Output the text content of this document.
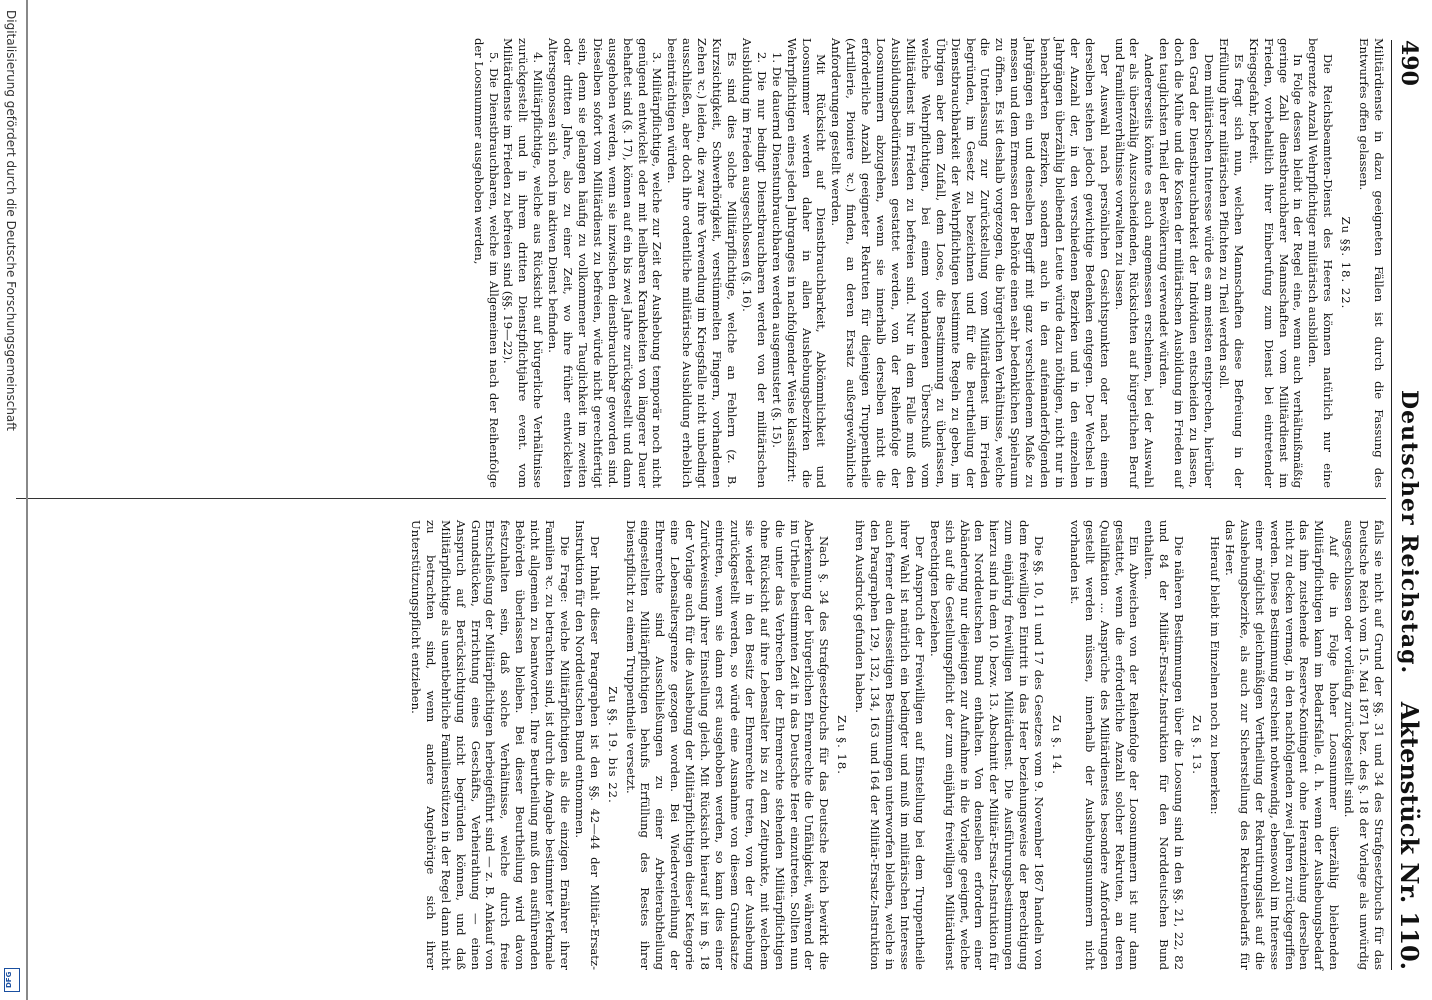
490
Deutscher Reichstag.
Aktenstück Nr. 110.

Militärdienste in dazu geeigneten Fällen ist durch die Fassung des Entwurfes offen gelassen.

Zu §§. 18. 22.

Die Reichsbeamten-Dienst des Heeres können natürlich nur eine begrenzte Anzahl Wehrpflichtiger militärisch ausbilden.

In Folge dessen bleibt in der Regel eine, wenn auch verhältnißmäßig geringe Zahl dienstbrauchbarer Mannschaften vom Militärdienst im Frieden, vorbehaltlich ihrer Einberufung zum Dienst bei eintretender Kriegsgefahr, befreit.

Es fragt sich nun, welchen Mannschaften diese Befreiung in der Erfüllung ihrer militärischen Pflichten zu Theil werden soll.

Dem militärischen Interesse würde es am meisten entsprechen, hierüber den Grad der Dienstbrauchbarkeit der Individuen entscheiden zu lassen, doch die Mühe und die Kosten der militärischen Ausbildung im Frieden auf den tauglichsten Theil der Bevölkerung verwendet würden.

Andererseits könnte es auch angemessen erscheinen, bei der Auswahl der als überzählig Auszuscheidenden, Rücksichten auf bürgerlichen Beruf und Familienverhältnisse vorwalten zu lassen.

Der Auswahl nach persönlichen Gesichtspunkten oder nach einem derselben stehen jedoch gewichtige Bedenken entgegen. Der Wechsel in der Anzahl der, in den verschiedenen Bezirken und in den einzelnen Jahrgängen überzählig bleibenden Leute würde dazu nöthigen, nicht nur in benachbarten Bezirken, sondern auch in den aufeinanderfolgenden Jahrgängen ein und denselben Begriff mit ganz verschiedenem Maße zu messen und dem Ermessen der Behörde einen sehr bedenklichen Spielraum zu öffnen. Es ist deshalb vorgezogen, die bürgerlichen Verhältnisse, welche die Unterlassung zur Zurückstellung vom Militärdienst im Frieden begründen, im Gesetz zu bezeichnen und für die Beurtheilung der Dienstbrauchbarkeit der Wehrpflichtigen bestimmte Regeln zu geben, im Übrigen aber dem Zufall, dem Loose, die Bestimmung zu überlassen, welche Wehrpflichtigen, bei einem vorhandenen Überschuß vom Militärdienst im Frieden zu befreien sind. Nur in dem Falle muß den Ausbildungsbedürfnissen gestattet werden, von der Reihenfolge der Loosnummern abzugehen, wenn sie innerhalb derselben nicht die erforderliche Anzahl geeigneter Rekruten für diejenigen Truppentheile (Artillerie, Pioniere ꝛc.) finden, an deren Ersatz außergewöhnliche Anforderungen gestellt werden.

Mit Rücksicht auf Dienstbrauchbarkeit, Abkömmlichkeit und Loosnummer werden daher in allen Aushebungsbezirken die Wehrpflichtigen eines jeden Jahrganges in nachfolgender Weise klassifizirt:

1. Die dauernd Dienstunbrauchbaren werden ausgemustert (§. 15).

2. Die nur bedingt Dienstbrauchbaren werden von der militärischen Ausbildung im Frieden ausgeschlossen (§. 16).

Es sind dies solche Militärpflichtige, welche an Fehlern (z. B. Kurzsichtigkeit, Schwerhörigkeit, verstümmelten Fingern, vorhandenen Zehen ꝛc.) leiden, die zwar ihre Verwendung im Kriegsfalle nicht unbedingt ausschließen, aber doch ihre ordentliche militärische Ausbildung erheblich beeinträchtigen würden.

3. Militärpflichtige, welche zur Zeit der Aushebung temporär noch nicht genügend entwickelt oder mit heilbaren Krankheiten von längerer Dauer behaftet sind (§. 17), können auf ein bis zwei Jahre zurückgestellt und dann ausgehoben werden, wenn sie inzwischen dienstbrauchbar geworden sind. Dieselben sofort vom Militärdienst zu befreien, würde nicht gerechtfertigt sein, denn sie gelangen häufig zu vollkommener Tauglichkeit im zweiten oder dritten Jahre, also zu einer Zeit, wo ihre früher entwickelten Altersgenossen sich noch im aktiven Dienst befinden.

4. Militärpflichtige, welche aus Rücksicht auf bürgerliche Verhältnisse zurückgestellt und in ihrem dritten Dienstpflichtjahre event. vom Militärdienste im Frieden zu befreien sind (§§. 19—22).

5. Die Dienstbrauchbaren, welche im Allgemeinen nach der Reihenfolge der Loosnummer ausgehoben werden,

falls sie nicht auf Grund der §§. 31 und 34 des Strafgesetzbuchs für das Deutsche Reich vom 15. Mai 1871 bez. des §. 18 der Vorlage als unwürdig ausgeschlossen oder vorläufig zurückgestellt sind.

Auf die in Folge hoher Loosnummer überzählig bleibenden Militärpflichtigen kann im Bedarfsfalle, d. h. wenn der Aushebungsbedarf das ihm zustehende Reserve-Kontingent ohne Heranziehung derselben nicht zu decken vermag, in den nachfolgenden zwei Jahren zurückgegriffen werden. Diese Bestimmung erscheint nothwendig, ebensowohl im Interesse einer möglichst gleichmäßigen Vertheilung der Rekrutirungslast auf die Aushebungsbezirke, als auch zur Sicherstellung des Rekrutenbedarfs für das Heer.

Hierauf bleibt im Einzelnen noch zu bemerken:

Zu §. 13.

Die näheren Bestimmungen über die Loosung sind in den §§. 21, 22, 82 und 84 der Militär-Ersatz-Instruktion für den Norddeutschen Bund enthalten.

Ein Abweichen von der Reihenfolge der Loosnummern ist nur dann gestattet, wenn die erforderliche Anzahl solcher Rekruten, an deren Qualifikation ... Ansprüche des Militärdienstes besondere Anforderungen gestellt werden müssen, innerhalb der Aushebungsnummern nicht vorhanden ist.

Zu §. 14.

Die §§. 10, 11 und 17 des Gesetzes vom 9. November 1867 handeln von dem freiwilligen Eintritt in das Heer beziehungsweise der Berechtigung zum einjährig freiwilligen Militärdienst. Die Ausführungsbestimmungen hierzu sind in dem 10. bezw. 13. Abschnitt der Militär-Ersatz-Instruktion für den Norddeutschen Bund enthalten. Von denselben erfordern einer Abänderung nur diejenigen zur Aufnahme in die Vorlage geeignet, welche sich auf die Gestellungspflicht der zum einjährig freiwilligen Militärdienst Berechtigten beziehen.

Der Anspruch der Freiwilligen auf Einstellung bei dem Truppentheile ihrer Wahl ist natürlich ein bedingter und muß im militärischen Interesse auch ferner den diesseitigen Bestimmungen unterworfen bleiben, welche in den Paragraphen 129, 132, 134, 163 und 164 der Militär-Ersatz-Instruktion ihren Ausdruck gefunden haben.

Zu §. 18.

Nach §. 34 des Strafgesetzbuchs für das Deutsche Reich bewirkt die Aberkennung der bürgerlichen Ehrenrechte die Unfähigkeit, während der im Urtheile bestimmten Zeit in das Deutsche Heer einzutreten. Sollten nun die unter das Verbrechen der Ehrenrechte stehenden Militärpflichtigen ohne Rücksicht auf ihre Lebensalter bis zu dem Zeitpunkte, mit welchem sie wieder in den Besitz der Ehrenrechte treten, von der Aushebung zurückgestellt werden, so würde eine Ausnahme von diesem Grundsatze eintreten, wenn sie dann erst ausgehoben werden, so kann dies einer Zurückweisung ihrer Einstellung gleich. Mit Rücksicht hierauf ist im §. 18 der Vorlage auch für die Aushebung der Militärpflichtigen dieser Kategorie eine Lebensaltersgrenze gezogen worden. Bei Wiederverleihung der Ehrenrechte sind Ausschließungen zu einer Arbeiterabtheilung eingestellten Militärpflichtigen behufs Erfüllung des Restes ihrer Dienstpflicht zu einem Truppentheile versetzt.

Zu §§. 19. bis 22.

Der Inhalt dieser Paragraphen ist den §§. 42—44 der Militär-Ersatz-Instruktion für den Norddeutschen Bund entnommen.

Die Frage: welche Militärpflichtigen als die einzigen Ernährer ihrer Familien ꝛc. zu betrachten sind, ist durch die Angabe bestimmter Merkmale nicht allgemein zu beantworten. Ihre Beurtheilung muß den ausführenden Behörden überlassen bleiben. Bei dieser Beurtheilung wird davon festzuhalten sein, daß solche Verhältnisse, welche durch freie Entschließung der Militärpflichtigen herbeigeführt sind — z. B. Ankauf von Grundstücken, Errichtung eines Geschäfts, Verheirathung — einen Anspruch auf Berücksichtigung nicht begründen können, und daß Militärpflichtige als unentbehrliche Familienstützen in der Regel dann nicht zu betrachten sind, wenn andere Angehörige sich ihrer Unterstützungspflicht entziehen.

Digitalisierung gefördert durch die Deutsche Forschungsgemeinschaft
DFG
